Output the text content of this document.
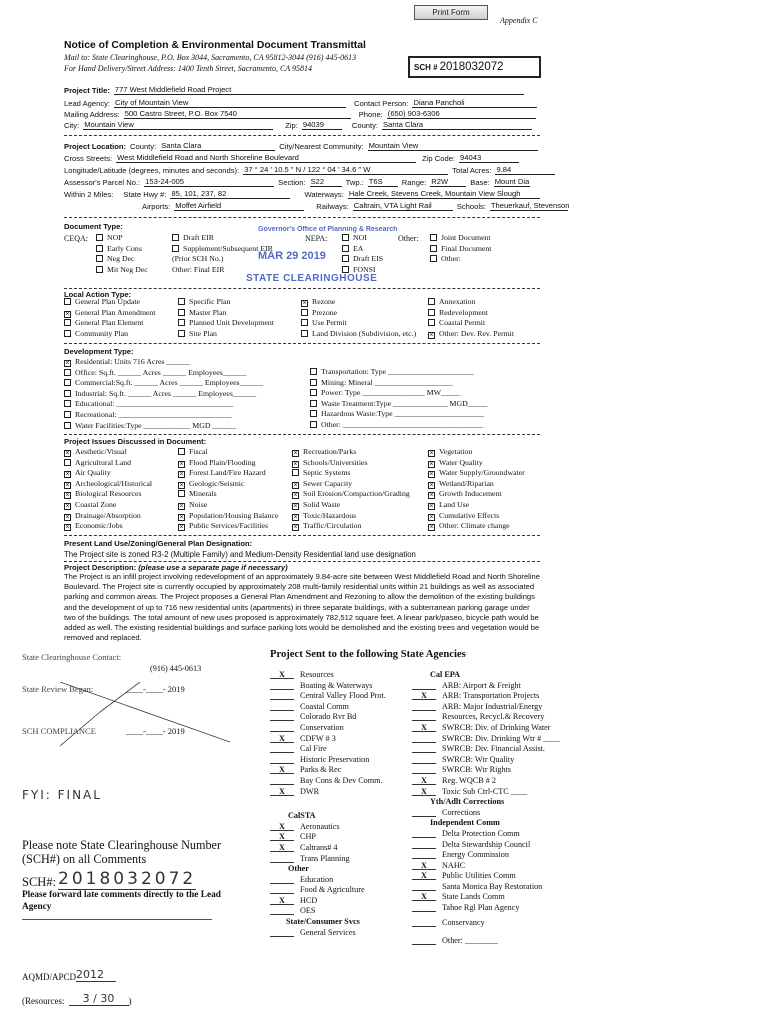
Print Form
Appendix C
Notice of Completion & Environmental Document Transmittal
Mail to: State Clearinghouse, P.O. Box 3044, Sacramento, CA 95812-3044 (916) 445-0613
For Hand Delivery/Street Address: 1400 Tenth Street, Sacramento, CA 95814	SCH # 2018032072
Project Title: 777 West Middlefield Road Project
Lead Agency: City of Mountain View	Contact Person: Diana Pancholi
Mailing Address: 500 Castro Street, P.O. Box 7540	Phone: (650) 903-6306
City: Mountain View	Zip: 94039	County: Santa Clara
Project Location: County: Santa Clara	City/Nearest Community: Mountain View
Cross Streets: West Middlefield Road and North Shoreline Boulevard	Zip Code: 94043
Longitude/Latitude (degrees, minutes and seconds): 37 ° 24 ′ 10.5 ″ N / 122 ° 04 ′ 34.6 ″ W	Total Acres: 9.84
Assessor's Parcel No.: 153-24-005	Section: S22	Twp.: T6S	Range: R2W	Base: Mount Dia
Within 2 Miles: State Hwy #: 85, 101, 237, 82	Waterways: Hale Creek, Stevens Creek, Mountain View Slough
Airports: Moffet Airfield	Railways: Caltrain, VTA Light Rail	Schools: Theuerkauf, Stevenson
Document Type:
CEQA:	NOP
Early Cons
Neg Dec
Mit Neg Dec
Draft EIR
Supplement/Subsequent EIR
(Prior SCH No.)
Other: Final EIR
NEPA:	NOI
EA
Draft EIS
FONSI
Other:	Joint Document
Final Document
Other:
Governor's Office of Planning & Research
MAR 29 2019
STATE CLEARINGHOUSE
Local Action Type:
General Plan Update
× General Plan Amendment
General Plan Element
Community Plan
Specific Plan
Master Plan
Planned Unit Development
Site Plan
× Rezone
Prezone
Use Permit
Land Division (Subdivision, etc.)
Annexation
Redevelopment
Coastal Permit
× Other: Dev. Rev. Permit
Development Type:
× Residential: Units 716 Acres ______
Office: Sq.ft. ______ Acres ______ Employees______
Commercial:Sq.ft. ______ Acres ______ Employees______
Industrial: Sq.ft. ______ Acres ______ Employees______
Educational: ______________________________
Recreational: _____________________________
Water Facilities:Type ____________ MGD ______
Transportation: Type ______________________
Mining: Mineral ____________________
Power: Type ________________ MW_____
Waste Treatment:Type ______________ MGD_____
Hazardous Waste:Type _______________________
Other: ____________________________________
Project Issues Discussed in Document:
× Aesthetic/Visual
Agricultural Land
× Air Quality
× Archeological/Historical
× Biological Resources
× Coastal Zone
× Drainage/Absorption
× Economic/Jobs
Fiscal
× Flood Plain/Flooding
× Forest Land/Fire Hazard
× Geologic/Seismic
Minerals
× Noise
× Population/Housing Balance
× Public Services/Facilities
× Recreation/Parks
× Schools/Universities
Septic Systems
× Sewer Capacity
× Soil Erosion/Compaction/Grading
× Solid Waste
× Toxic/Hazardous
× Traffic/Circulation
× Vegetation
× Water Quality
× Water Supply/Groundwater
× Wetland/Riparian
× Growth Inducement
× Land Use
× Cumulative Effects
× Other: Climate change
Present Land Use/Zoning/General Plan Designation:
The Project site is zoned R3-2 (Multiple Family) and Medium-Density Residential land use designation
Project Description: (please use a separate page if necessary)
The Project is an infill project involving redevelopment of an approximately 9.84-acre site between West Middlefield Road and North Shoreline Boulevard. The Project site is currently occupied by approximately 208 multi-family residential units within 21 buildings as well as associated parking and common areas. The Project proposes a General Plan Amendment and Rezoning to allow the demolition of the existing buildings and the development of up to 716 new residential units (apartments) in three separate buildings, with a subterranean parking garage under two of the buildings. The total amount of new uses proposed is approximately 782,512 square feet. A linear park/paseo, bicycle path would be added as well. The existing residential buildings and surface parking lots would be demolished and the existing trees and vegetation would be removed and replaced.
State Clearinghouse Contact:
(916) 445-0613
State Review Began:	____-____- 2019
SCH COMPLIANCE	____-____- 2019
FYI: FINAL
Please note State Clearinghouse Number (SCH#) on all Comments
SCH#: 2018032072
Please forward late comments directly to the Lead Agency
AQMD/APCD 2012
(Resources:	3 / 30	)
Project Sent to the following State Agencies
X	Resources
Boating & Waterways
Central Valley Flood Prot.
Coastal Comm
Colorado Rvr Bd
Conservation
X	CDFW # 3
Cal Fire
Historic Preservation
X	Parks & Rec
Bay Cons & Dev Comm.
X	DWR
CalSTA
X	Aeronautics
X	CHP
X	Caltrans# 4
Trans Planning
Other
Education
Food & Agriculture
X	HCD
OES
State/Consumer Svcs
General Services
Cal EPA
ARB: Airport & Freight
X	ARB: Transportation Projects
ARB: Major Industrial/Energy
Resources, Recycl.& Recovery
X	SWRCB: Div. of Drinking Water
SWRCB: Div. Drinking Wtr # ____
SWRCB: Div. Financial Assist.
SWRCB: Wtr Quality
SWRCB: Wtr Rights
X	Reg. WQCB # 2
X	Toxic Sub Ctrl-CTC ____
Yth/Adlt Corrections
Corrections
Independent Comm
Delta Protection Comm
Delta Stewardship Council
Energy Commission
X	NAHC
X	Public Utilities Comm
Santa Monica Bay Restoration
X	State Lands Comm
Tahoe Rgl Plan Agency
Conservancy
Other: ________
